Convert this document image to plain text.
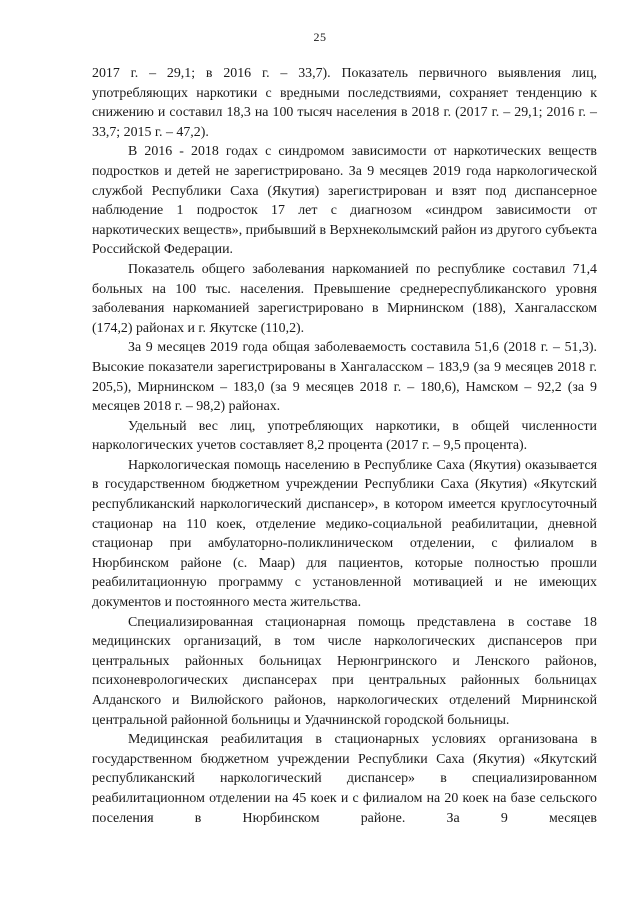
25

2017 г. – 29,1; в 2016 г. – 33,7). Показатель первичного выявления лиц, употребляющих наркотики с вредными последствиями, сохраняет тенденцию к снижению и составил 18,3 на 100 тысяч населения в 2018 г. (2017 г. – 29,1; 2016 г. – 33,7; 2015 г. – 47,2).

В 2016 - 2018 годах с синдромом зависимости от наркотических веществ подростков и детей не зарегистрировано. За 9 месяцев 2019 года наркологической службой Республики Саха (Якутия) зарегистрирован и взят под диспансерное наблюдение 1 подросток 17 лет с диагнозом «синдром зависимости от наркотических веществ», прибывший в Верхнеколымский район из другого субъекта Российской Федерации.

Показатель общего заболевания наркоманией по республике составил 71,4 больных на 100 тыс. населения. Превышение среднереспубликанского уровня заболевания наркоманией зарегистрировано в Мирнинском (188), Хангаласском (174,2) районах и г. Якутске (110,2).

За 9 месяцев 2019 года общая заболеваемость составила 51,6 (2018 г. – 51,3). Высокие показатели зарегистрированы в Хангаласском – 183,9 (за 9 месяцев 2018 г. 205,5), Мирнинском – 183,0 (за 9 месяцев 2018 г. – 180,6), Намском – 92,2 (за 9 месяцев 2018 г. – 98,2) районах.

Удельный вес лиц, употребляющих наркотики, в общей численности наркологических учетов составляет 8,2 процента (2017 г. – 9,5 процента).

Наркологическая помощь населению в Республике Саха (Якутия) оказывается в государственном бюджетном учреждении Республики Саха (Якутия) «Якутский республиканский наркологический диспансер», в котором имеется круглосуточный стационар на 110 коек, отделение медико-социальной реабилитации, дневной стационар при амбулаторно-поликлиническом отделении, с филиалом в Нюрбинском районе (с. Маар) для пациентов, которые полностью прошли реабилитационную программу с установленной мотивацией и не имеющих документов и постоянного места жительства.

Специализированная стационарная помощь представлена в составе 18 медицинских организаций, в том числе наркологических диспансеров при центральных районных больницах Нерюнгринского и Ленского районов, психоневрологических диспансерах при центральных районных больницах Алданского и Вилюйского районов, наркологических отделений Мирнинской центральной районной больницы и Удачнинской городской больницы.

Медицинская реабилитация в стационарных условиях организована в государственном бюджетном учреждении Республики Саха (Якутия) «Якутский республиканский наркологический диспансер» в специализированном реабилитационном отделении на 45 коек и с филиалом на 20 коек на базе сельского поселения в Нюрбинском районе. За 9 месяцев
